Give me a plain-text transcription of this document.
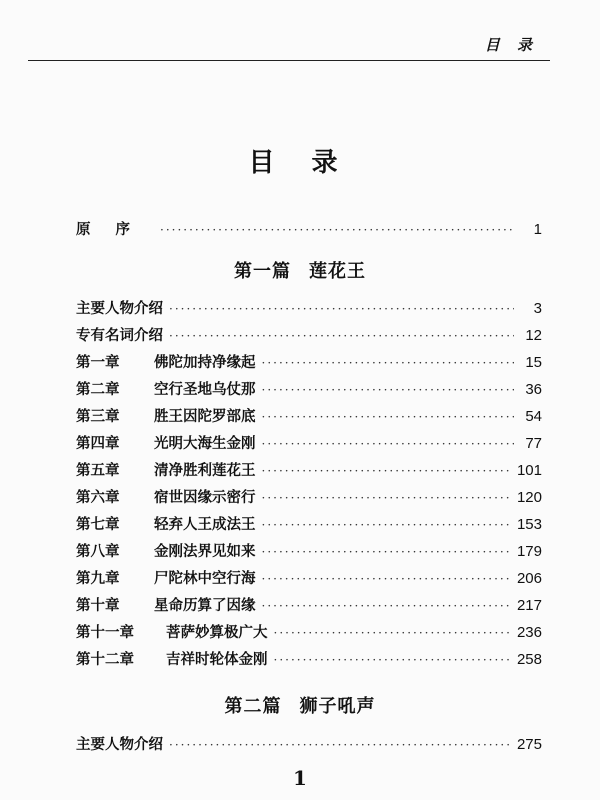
目 录
目 录
原 序 ·····	1
主要人物介绍 ·····	3
专有名词介绍 ·····	12
第一章	佛陀加持净缘起 ·····	15
第二章	空行圣地乌仗那 ·····	36
第三章	胜王因陀罗部底 ·····	54
第四章	光明大海生金刚 ·····	77
第五章	清净胜利莲花王 ·····	101
第六章	宿世因缘示密行 ·····	120
第七章	轻弃人王成法王 ·····	153
第八章	金刚法界见如来 ·····	179
第九章	尸陀林中空行海 ·····	206
第十章	星命历算了因缘 ·····	217
第十一章	菩萨妙算极广大 ·····	236
第十二章	吉祥时轮体金刚 ·····	258
主要人物介绍 ·····	275
第一篇 莲花王
第二篇 狮子吼声
1
